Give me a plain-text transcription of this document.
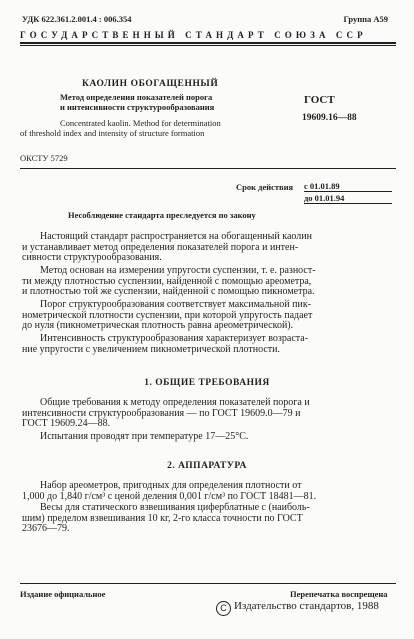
УДК 622.361.2.001.4 : 006.354	Группа А59
ГОСУДАРСТВЕННЫЙ СТАНДАРТ СОЮЗА ССР
КАОЛИН ОБОГАЩЕННЫЙ
Метод определения показателей порога
и интенсивности структурообразования
ГОСТ
19609.16—88
Concentrated kaolin. Method for determination
of threshold index and intensity of structure formation
ОКСТУ 5729
Срок действия с 01.01.89
до 01.01.94
Несоблюдение стандарта преследуется по закону
Настоящий стандарт распространяется на обогащенный каолин
и устанавливает метод определения показателей порога и интен-
сивности структурообразования.
Метод основан на измерении упругости суспензии, т. е. разност-
ти между плотностью суспензии, найденной с помощью ареометра,
и плотностью той же суспензии, найденной с помощью пикнометра.
Порог структурообразования соответствует максимальной пик-
нометрической плотности суспензии, при которой упругость падает
до нуля (пикнометрическая плотность равна ареометрической).
Интенсивность структурообразования характеризует возраста-
ние упругости с увеличением пикнометрической плотности.
1. ОБЩИЕ ТРЕБОВАНИЯ
Общие требования к методу определения показателей порога и
интенсивности структурообразования — по ГОСТ 19609.0—79 и
ГОСТ 19609.24—88.
Испытания проводят при температуре 17—25°С.
2. АППАРАТУРА
Набор ареометров, пригодных для определения плотности от
1,000 до 1,840 г/см³ с ценой деления 0,001 г/см³ по ГОСТ 18481—81.
Весы для статического взвешивания циферблатные с (наиболь-
шим) пределом взвешивания 10 кг, 2-го класса точности по ГОСТ
23676—79.
Издание официальное	Перепечатка воспрещена
C Издательство стандартов, 1988
